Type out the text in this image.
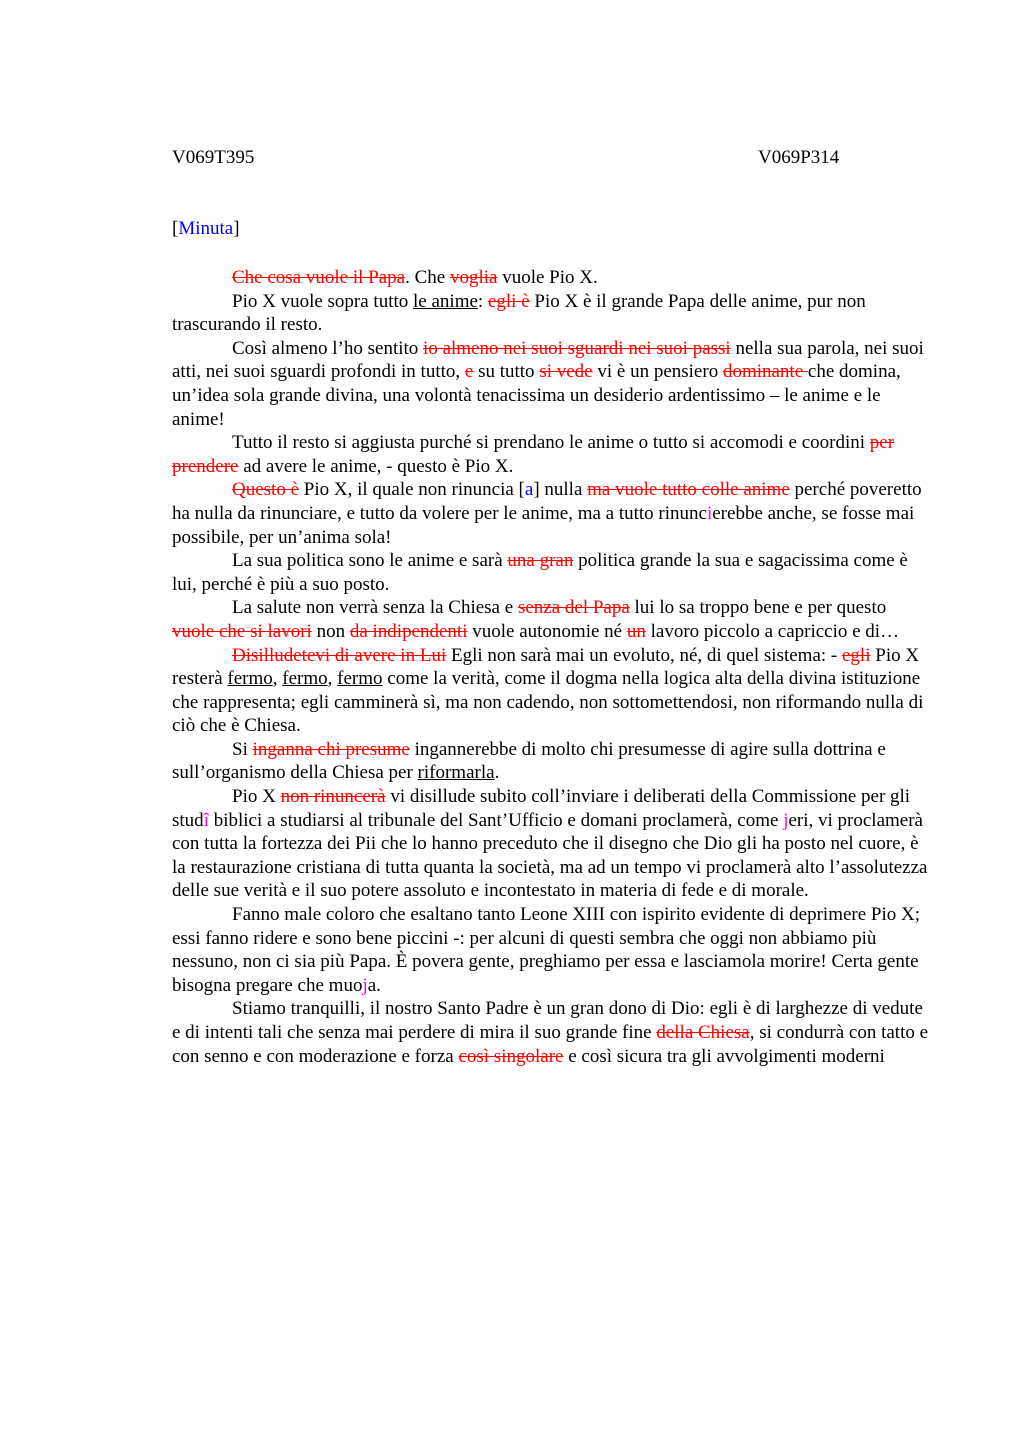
V069T395	V069P314
[Minuta]

Che cosa vuole il Papa. Che voglia vuole Pio X.

Pio X vuole sopra tutto le anime: egli è Pio X è il grande Papa delle anime, pur non trascurando il resto.

Così almeno l’ho sentito io almeno nei suoi sguardi nei suoi passi nella sua parola, nei suoi atti, nei suoi sguardi profondi in tutto, e su tutto si vede vi è un pensiero dominante che domina, un’idea sola grande divina, una volontà tenacissima un desiderio ardentissimo – le anime e le anime!

Tutto il resto si aggiusta purché si prendano le anime o tutto si accomodi e coordini per prendere ad avere le anime, - questo è Pio X.

Questo è Pio X, il quale non rinuncia [a] nulla ma vuole tutto colle anime perché poveretto ha nulla da rinunciare, e tutto da volere per le anime, ma a tutto rinuncierebbe anche, se fosse mai possibile, per un’anima sola!

La sua politica sono le anime e sarà una gran politica grande la sua e sagacissima come è lui, perché è più a suo posto.

La salute non verrà senza la Chiesa e senza del Papa lui lo sa troppo bene e per questo vuole che si lavori non da indipendenti vuole autonomie né un lavoro piccolo a capriccio e di…

Disilludetevi di avere in Lui Egli non sarà mai un evoluto, né, di quel sistema: - egli Pio X resterà fermo, fermo, fermo come la verità, come il dogma nella logica alta della divina istituzione che rappresenta; egli camminerà sì, ma non cadendo, non sottomettendosi, non riformando nulla di ciò che è Chiesa.

Si inganna chi presume ingannerebbe di molto chi presumesse di agire sulla dottrina e sull’organismo della Chiesa per riformarla.

Pio X non rinuncerà vi disillude subito coll’inviare i deliberati della Commissione per gli studî biblici a studiarsi al tribunale del Sant’Ufficio e domani proclamerà, come jeri, vi proclamerà con tutta la fortezza dei Pii che lo hanno preceduto che il disegno che Dio gli ha posto nel cuore, è la restaurazione cristiana di tutta quanta la società, ma ad un tempo vi proclamerà alto l’assolutezza delle sue verità e il suo potere assoluto e incontestato in materia di fede e di morale.

Fanno male coloro che esaltano tanto Leone XIII con ispirito evidente di deprimere Pio X; essi fanno ridere e sono bene piccini -: per alcuni di questi sembra che oggi non abbiamo più nessuno, non ci sia più Papa. È povera gente, preghiamo per essa e lasciamola morire! Certa gente bisogna pregare che muoja.

Stiamo tranquilli, il nostro Santo Padre è un gran dono di Dio: egli è di larghezze di vedute e di intenti tali che senza mai perdere di mira il suo grande fine della Chiesa, si condurrà con tatto e con senno e con moderazione e forza così singolare e così sicura tra gli avvolgimenti moderni
